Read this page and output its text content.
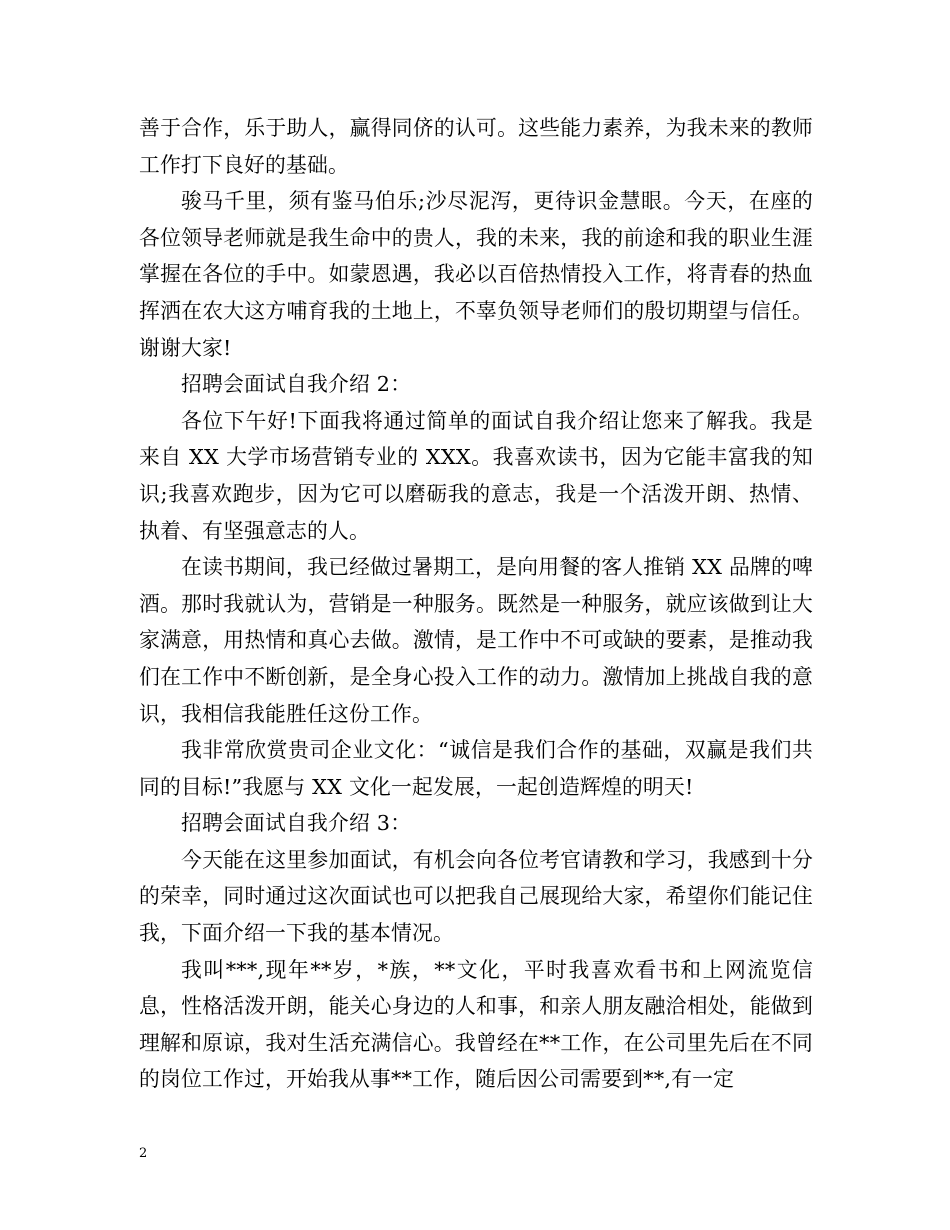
善于合作，乐于助人，赢得同侪的认可。这些能力素养，为我未来的教师工作打下良好的基础。

骏马千里，须有鉴马伯乐;沙尽泥泻，更待识金慧眼。今天，在座的各位领导老师就是我生命中的贵人，我的未来，我的前途和我的职业生涯掌握在各位的手中。如蒙恩遇，我必以百倍热情投入工作，将青春的热血挥洒在农大这方哺育我的土地上，不辜负领导老师们的殷切期望与信任。谢谢大家!

招聘会面试自我介绍 2：

各位下午好!下面我将通过简单的面试自我介绍让您来了解我。我是来自 XX 大学市场营销专业的 XXX。我喜欢读书，因为它能丰富我的知识;我喜欢跑步，因为它可以磨砺我的意志，我是一个活泼开朗、热情、执着、有坚强意志的人。

在读书期间，我已经做过暑期工，是向用餐的客人推销 XX 品牌的啤酒。那时我就认为，营销是一种服务。既然是一种服务，就应该做到让大家满意，用热情和真心去做。激情，是工作中不可或缺的要素，是推动我们在工作中不断创新，是全身心投入工作的动力。激情加上挑战自我的意识，我相信我能胜任这份工作。

我非常欣赏贵司企业文化：“诚信是我们合作的基础，双赢是我们共同的目标!”我愿与 XX 文化一起发展，一起创造辉煌的明天!

招聘会面试自我介绍 3：

今天能在这里参加面试，有机会向各位考官请教和学习，我感到十分的荣幸，同时通过这次面试也可以把我自己展现给大家，希望你们能记住我，下面介绍一下我的基本情况。

我叫***,现年**岁，*族，**文化，平时我喜欢看书和上网流览信息，性格活泼开朗，能关心身边的人和事，和亲人朋友融洽相处，能做到理解和原谅，我对生活充满信心。我曾经在**工作，在公司里先后在不同的岗位工作过，开始我从事**工作，随后因公司需要到**,有一定

2
